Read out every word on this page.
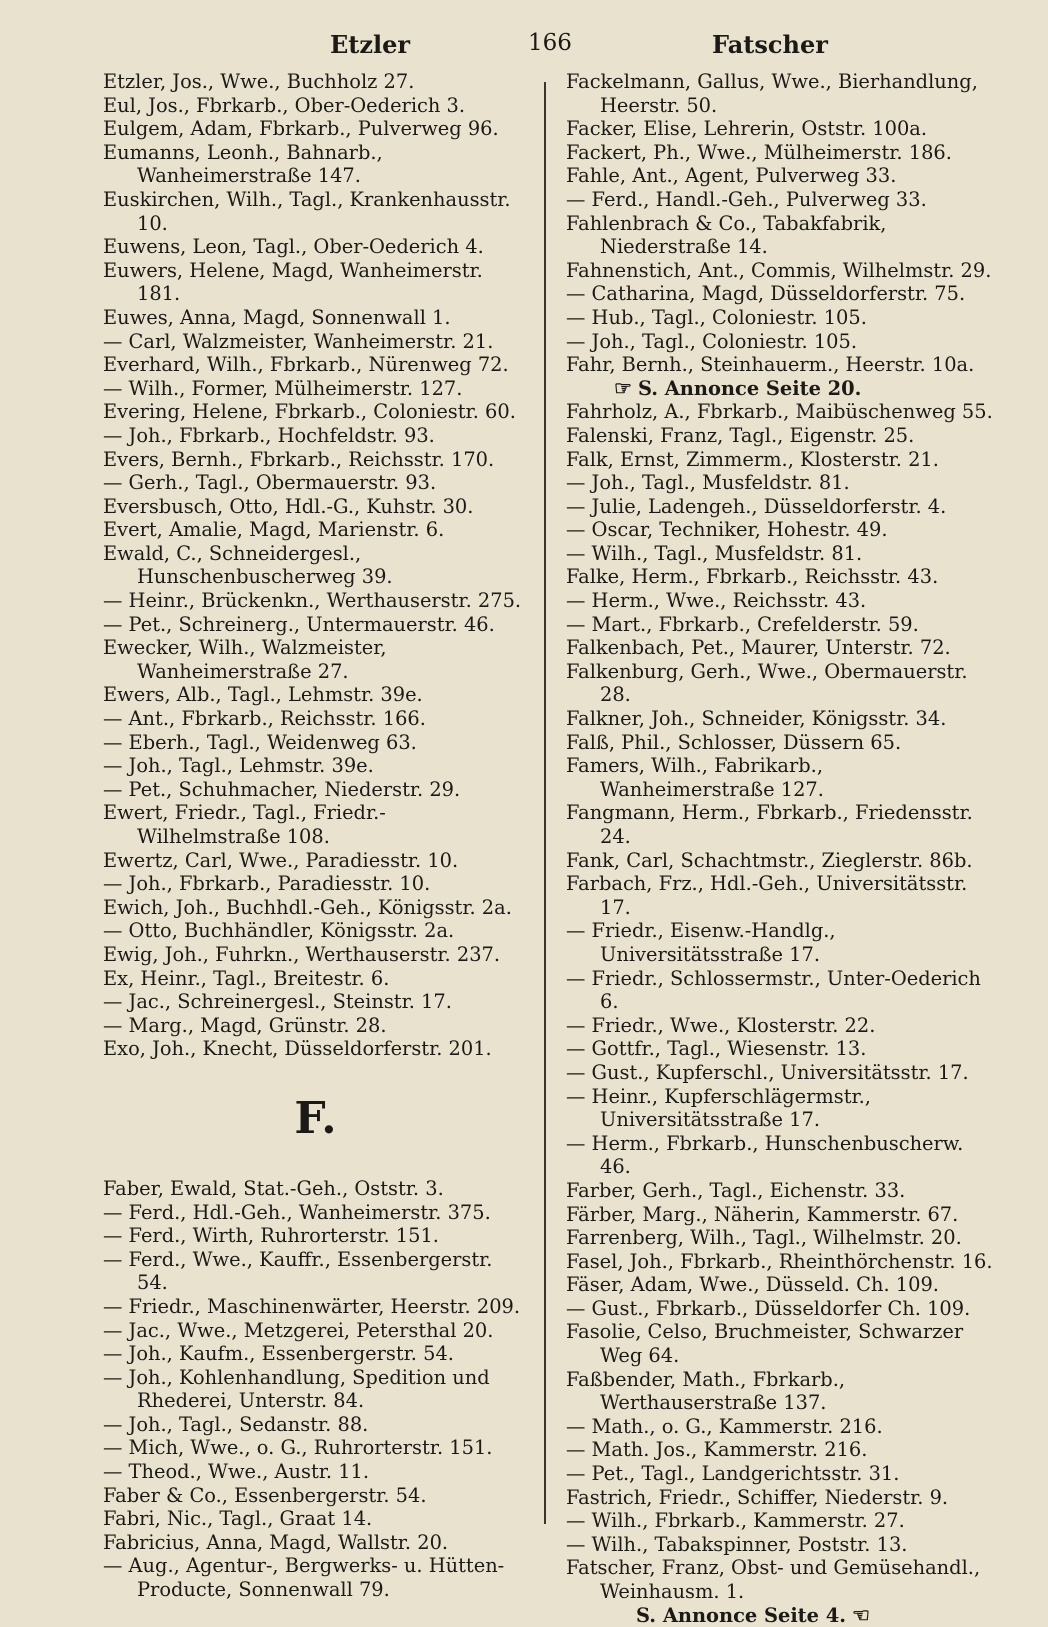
Etzler	166	Fatscher
Etzler, Jos., Wwe., Buchholz 27.
Eul, Jos., Fbrkarb., Ober-Oederich 3.
Eulgem, Adam, Fbrkarb., Pulverweg 96.
Eumanns, Leonh., Bahnarb., Wanheimerstraße 147.
Euskirchen, Wilh., Tagl., Krankenhausstr. 10.
Euwens, Leon, Tagl., Ober-Oederich 4.
Euwers, Helene, Magd, Wanheimerstr. 181.
Euwes, Anna, Magd, Sonnenwall 1.
— Carl, Walzmeister, Wanheimerstr. 21.
Everhard, Wilh., Fbrkarb., Nürenweg 72.
— Wilh., Former, Mülheimerstr. 127.
Evering, Helene, Fbrkarb., Coloniestr. 60.
— Joh., Fbrkarb., Hochfeldstr. 93.
Evers, Bernh., Fbrkarb., Reichsstr. 170.
— Gerh., Tagl., Obermauerstr. 93.
Eversbusch, Otto, Hdl.-G., Kuhstr. 30.
Evert, Amalie, Magd, Marienstr. 6.
Ewald, C., Schneidergesl., Hunschenbuscherweg 39.
— Heinr., Brückenkn., Werthauserstr. 275.
— Pet., Schreinerg., Untermauerstr. 46.
Ewecker, Wilh., Walzmeister, Wanheimerstraße 27.
Ewers, Alb., Tagl., Lehmstr. 39e.
— Ant., Fbrkarb., Reichsstr. 166.
— Eberh., Tagl., Weidenweg 63.
— Joh., Tagl., Lehmstr. 39e.
— Pet., Schuhmacher, Niederstr. 29.
Ewert, Friedr., Tagl., Friedr.-Wilhelmstraße 108.
Ewertz, Carl, Wwe., Paradiesstr. 10.
— Joh., Fbrkarb., Paradiesstr. 10.
Ewich, Joh., Buchhdl.-Geh., Königsstr. 2a.
— Otto, Buchhändler, Königsstr. 2a.
Ewig, Joh., Fuhrkn., Werthauserstr. 237.
Ex, Heinr., Tagl., Breitestr. 6.
— Jac., Schreinergesl., Steinstr. 17.
— Marg., Magd, Grünstr. 28.
Exo, Joh., Knecht, Düsseldorferstr. 201.
F.
Faber, Ewald, Stat.-Geh., Oststr. 3.
— Ferd., Hdl.-Geh., Wanheimerstr. 375.
— Ferd., Wirth, Ruhrorterstr. 151.
— Ferd., Wwe., Kauffr., Essenbergerstr. 54.
— Friedr., Maschinenwärter, Heerstr. 209.
— Jac., Wwe., Metzgerei, Petersthal 20.
— Joh., Kaufm., Essenbergerstr. 54.
— Joh., Kohlenhandlung, Spedition und Rhederei, Unterstr. 84.
— Joh., Tagl., Sedanstr. 88.
— Mich, Wwe., o. G., Ruhrorterstr. 151.
— Theod., Wwe., Austr. 11.
Faber & Co., Essenbergerstr. 54.
Fabri, Nic., Tagl., Graat 14.
Fabricius, Anna, Magd, Wallstr. 20.
— Aug., Agentur-, Bergwerks- u. Hütten-Producte, Sonnenwall 79.
Fackelmann, Gallus, Wwe., Bierhandlung, Heerstr. 50.
Facker, Elise, Lehrerin, Oststr. 100a.
Fackert, Ph., Wwe., Mülheimerstr. 186.
Fahle, Ant., Agent, Pulverweg 33.
— Ferd., Handl.-Geh., Pulverweg 33.
Fahlenbrach & Co., Tabakfabrik, Niederstraße 14.
Fahnenstich, Ant., Commis, Wilhelmstr. 29.
— Catharina, Magd, Düsseldorferstr. 75.
— Hub., Tagl., Coloniestr. 105.
— Joh., Tagl., Coloniestr. 105.
Fahr, Bernh., Steinhauerm., Heerstr. 10a.
☞ S. Annonce Seite 20.
Fahrholz, A., Fbrkarb., Maibüschenweg 55.
Falenski, Franz, Tagl., Eigenstr. 25.
Falk, Ernst, Zimmerm., Klosterstr. 21.
— Joh., Tagl., Musfeldstr. 81.
— Julie, Ladengeh., Düsseldorferstr. 4.
— Oscar, Techniker, Hohestr. 49.
— Wilh., Tagl., Musfeldstr. 81.
Falke, Herm., Fbrkarb., Reichsstr. 43.
— Herm., Wwe., Reichsstr. 43.
— Mart., Fbrkarb., Crefelderstr. 59.
Falkenbach, Pet., Maurer, Unterstr. 72.
Falkenburg, Gerh., Wwe., Obermauerstr. 28.
Falkner, Joh., Schneider, Königsstr. 34.
Falß, Phil., Schlosser, Düssern 65.
Famers, Wilh., Fabrikarb., Wanheimerstraße 127.
Fangmann, Herm., Fbrkarb., Friedensstr. 24.
Fank, Carl, Schachtmstr., Zieglerstr. 86b.
Farbach, Frz., Hdl.-Geh., Universitätsstr. 17.
— Friedr., Eisenw.-Handlg., Universitätsstraße 17.
— Friedr., Schlossermstr., Unter-Oederich 6.
— Friedr., Wwe., Klosterstr. 22.
— Gottfr., Tagl., Wiesenstr. 13.
— Gust., Kupferschl., Universitätsstr. 17.
— Heinr., Kupferschlägermstr., Universitätsstraße 17.
— Herm., Fbrkarb., Hunschenbuscherw. 46.
Farber, Gerh., Tagl., Eichenstr. 33.
Färber, Marg., Näherin, Kammerstr. 67.
Farrenberg, Wilh., Tagl., Wilhelmstr. 20.
Fasel, Joh., Fbrkarb., Rheinthörchenstr. 16.
Fäser, Adam, Wwe., Düsseld. Ch. 109.
— Gust., Fbrkarb., Düsseldorfer Ch. 109.
Fasolie, Celso, Bruchmeister, Schwarzer Weg 64.
Faßbender, Math., Fbrkarb., Werthauserstraße 137.
— Math., o. G., Kammerstr. 216.
— Math. Jos., Kammerstr. 216.
— Pet., Tagl., Landgerichtsstr. 31.
Fastrich, Friedr., Schiffer, Niederstr. 9.
— Wilh., Fbrkarb., Kammerstr. 27.
— Wilh., Tabakspinner, Poststr. 13.
Fatscher, Franz, Obst- und Gemüsehandl., Weinhausm. 1.
S. Annonce Seite 4. ☜
